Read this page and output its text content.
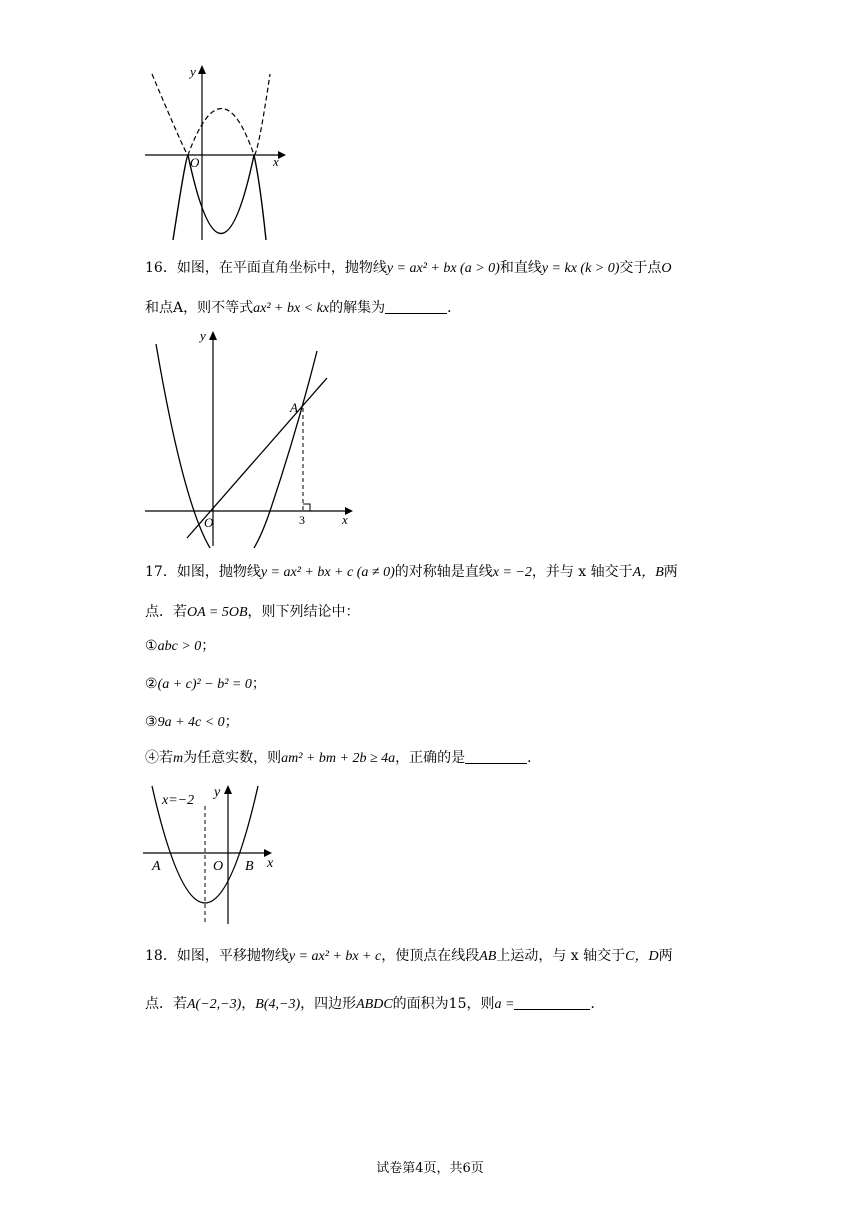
y
x
O
16．如图，在平面直角坐标中，抛物线y = ax² + bx (a > 0)和直线y = kx (k > 0)交于点O
和点A，则不等式ax² + bx < kx的解集为	．
y
x
O
A
3
17．如图，抛物线y = ax² + bx + c (a ≠ 0)的对称轴是直线x = −2，并与 x 轴交于A，B两
点．若OA = 5OB，则下列结论中：
①abc > 0；
②(a + c)² − b² = 0；
③9a + 4c < 0；
④若m为任意实数，则am² + bm + 2b ≥ 4a，正确的是	．
x=−2
y
x
A	O B
18．如图，平移抛物线y = ax² + bx + c，使顶点在线段AB上运动，与 x 轴交于C，D两
点．若A(−2,−3)，B(4,−3)，四边形ABDC的面积为15，则a =	．
试卷第4页，共6页
